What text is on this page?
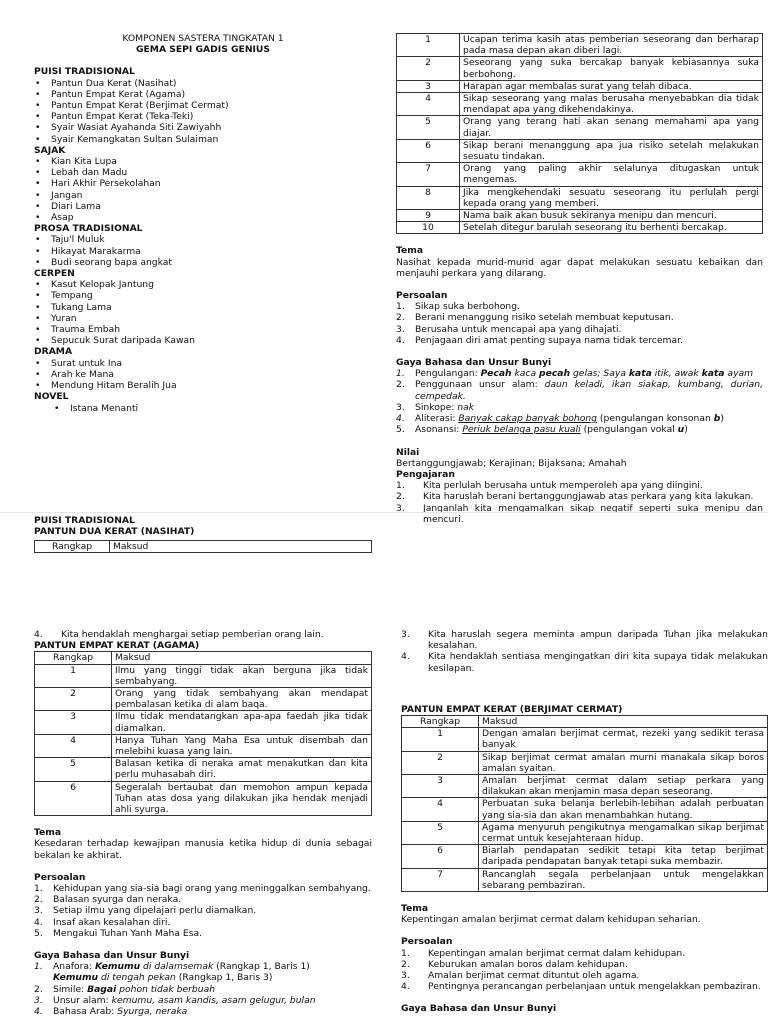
KOMPONEN SASTERA TINGKATAN 1
GEMA SEPI GADIS GENIUS
PUISI TRADISIONAL
• Pantun Dua Kerat (Nasihat)
• Pantun Empat Kerat (Agama)
• Pantun Empat Kerat (Berjimat Cermat)
• Pantun Empat Kerat (Teka-Teki)
• Syair Wasiat Ayahanda Siti Zawiyahh
• Syair Kemangkatan Sultan Sulaiman
SAJAK
• Kian Kita Lupa
• Lebah dan Madu
• Hari Akhir Persekolahan
• Jangan
• Diari Lama
• Asap
PROSA TRADISIONAL
• Taju'l Muluk
• Hikayat Marakarma
• Budi seorang bapa angkat
CERPEN
• Kasut Kelopak Jantung
• Tempang
• Tukang Lama
• Yuran
• Trauma Embah
• Sepucuk Surat daripada Kawan
DRAMA
• Surat untuk Ina
• Arah ke Mana
• Mendung Hitam Beralih Jua
NOVEL
• Istana Menanti
PUISI TRADISIONAL
PANTUN DUA KERAT (NASIHAT)
Rangkap	Maksud
1	Ucapan terima kasih atas pemberian seseorang dan berharap pada masa depan akan diberi lagi.
2	Seseorang yang suka bercakap banyak kebiasannya suka berbohong.
3	Harapan agar membalas surat yang telah dibaca.
4	Sikap seseorang yang malas berusaha menyebabkan dia tidak mendapat apa yang dikehendakinya.
5	Orang yang terang hati akan senang memahami apa yang diajar.
6	Sikap berani menanggung apa jua risiko setelah melakukan sesuatu tindakan.
7	Orang yang paling akhir selalunya ditugaskan untuk mengemas.
8	Jika mengkehendaki sesuatu seseorang itu perlulah pergi kepada orang yang memberi.
9	Nama baik akan busuk sekiranya menipu dan mencuri.
10	Setelah ditegur barulah seseorang itu berhenti bercakap.
Tema
Nasihat kepada murid-murid agar dapat melakukan sesuatu kebaikan dan menjauhi perkara yang dilarang.
Persoalan
1. Sikap suka berbohong.
2. Berani menanggung risiko setelah membuat keputusan.
3. Berusaha untuk mencapai apa yang dihajati.
4. Penjagaan diri amat penting supaya nama tidak tercemar.
Gaya Bahasa dan Unsur Bunyi
1. Pengulangan: Pecah kaca pecah gelas; Saya kata itik, awak kata ayam
2. Penggunaan unsur alam: daun keladi, ikan siakap, kumbang, durian, cempedak.
3. Sinkope: nak
4. Aliterasi: Banyak cakap banyak bohong (pengulangan konsonan b)
5. Asonansi: Periuk belanga pasu kuali (pengulangan vokal u)
Nilai
Bertanggungjawab; Kerajinan; Bijaksana; Amahah
Pengajaran
1. Kita perlulah berusaha untuk memperoleh apa yang diingini.
2. Kita haruslah berani bertanggungjawab atas perkara yang kita lakukan.
3. Janganlah kita mengamalkan sikap negatif seperti suka menipu dan mencuri.
4. Kita hendaklah menghargai setiap pemberian orang lain.
PANTUN EMPAT KERAT (AGAMA)
Rangkap	Maksud
1	Ilmu yang tinggi tidak akan berguna jika tidak sembahyang.
2	Orang yang tidak sembahyang akan mendapat pembalasan ketika di alam baqa.
3	Ilmu tidak mendatangkan apa-apa faedah jika tidak diamalkan.
4	Hanya Tuhan Yang Maha Esa untuk disembah dan melebihi kuasa yang lain.
5	Balasan ketika di neraka amat menakutkan dan kita perlu muhasabah diri.
6	Segeralah bertaubat dan memohon ampun kepada Tuhan atas dosa yang dilakukan jika hendak menjadi ahli syurga.
Tema
Kesedaran terhadap kewajipan manusia ketika hidup di dunia sebagai bekalan ke akhirat.
Persoalan
1. Kehidupan yang sia-sia bagi orang yang meninggalkan sembahyang.
2. Balasan syurga dan neraka.
3. Setiap ilmu yang dipelajari perlu diamalkan.
4. Insaf akan kesalahan diri.
5. Mengakui Tuhan Yanh Maha Esa.
Gaya Bahasa dan Unsur Bunyi
1. Anafora: Kemumu di dalamsemak (Rangkap 1, Baris 1)
Kemumu di tengah pekan (Rangkap 1, Baris 3)
2. Simile: Bagai pohon tidak berbuah
3. Unsur alam: kemumu, asam kandis, asam gelugur, bulan
4. Bahasa Arab: Syurga, neraka
3. Kita haruslah segera meminta ampun daripada Tuhan jika melakukan kesalahan.
4. Kita hendaklah sentiasa mengingatkan diri kita supaya tidak melakukan kesilapan.
PANTUN EMPAT KERAT (BERJIMAT CERMAT)
Rangkap	Maksud
1	Dengan amalan berjimat cermat, rezeki yang sedikit terasa banyak
2	Sikap berjimat cermat amalan murni manakala sikap boros amalan syaitan.
3	Amalan berjimat cermat dalam setiap perkara yang dilakukan akan menjamin masa depan seseorang.
4	Perbuatan suka belanja berlebih-lebihan adalah perbuatan yang sia-sia dan akan menambahkan hutang.
5	Agama menyuruh pengikutnya mengamalkan sikap berjimat cermat untuk kesejahteraan hidup.
6	Biarlah pendapatan sedikit tetapi kita tetap berjimat daripada pendapatan banyak tetapi suka membazir.
7	Rancanglah segala perbelanjaan untuk mengelakkan sebarang pembaziran.
Tema
Kepentingan amalan berjimat cermat dalam kehidupan seharian.
Persoalan
1. Kepentingan amalan berjimat cermat dalam kehidupan.
2. Keburukan amalan boros dalam kehidupan.
3. Amalan berjimat cermat dituntut oleh agama.
4. Pentingnya perancangan perbelanjaan untuk mengelakkan pembaziran.
Gaya Bahasa dan Unsur Bunyi
